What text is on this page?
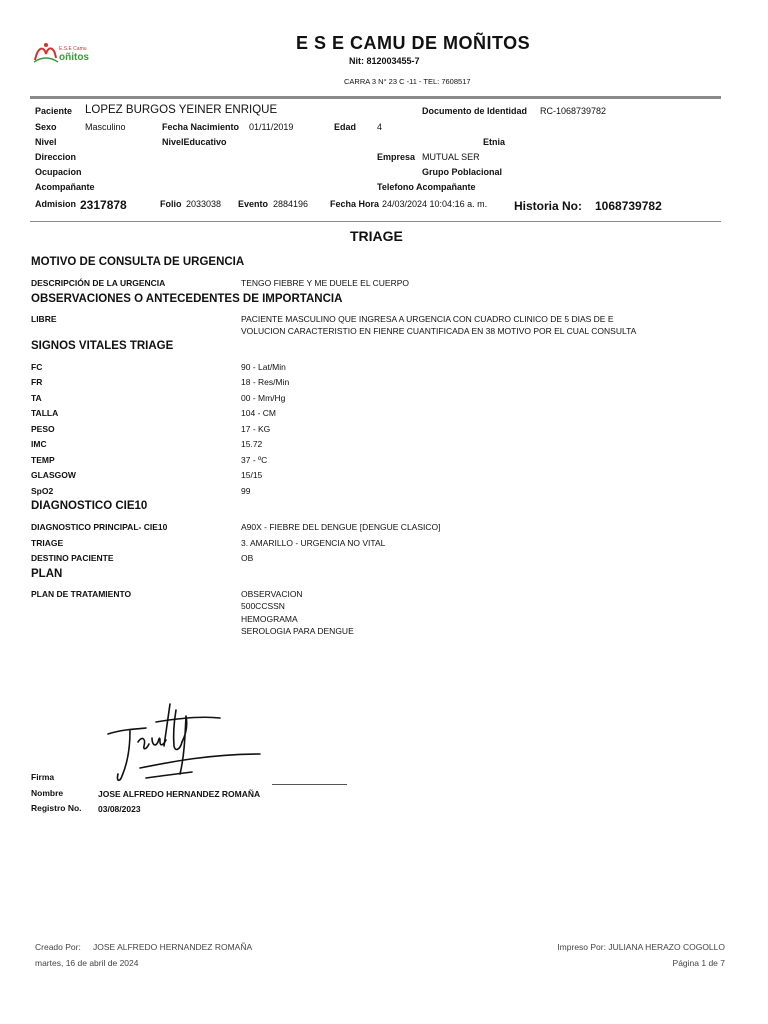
E.S.E Camu
oñitos
E S E CAMU DE MOÑITOS
Nit: 812003455-7
CARRA 3 N° 23 C -11 - TEL: 7608517
Paciente LOPEZ BURGOS YEINER ENRIQUE	Documento de Identidad RC-1068739782
Sexo	Masculino	Fecha Nacimiento 01/11/2019	Edad 4
Nivel	NivelEducativo	Etnia
Direccion	Empresa MUTUAL SER
Ocupacion	Grupo Poblacional
Acompañante	Telefono Acompañante
Admision 2317878	Folio 2033038 Evento 2884196 Fecha Hora 24/03/2024 10:04:16 a. m. Historia No: 1068739782
TRIAGE
MOTIVO DE CONSULTA DE URGENCIA
DESCRIPCIÓN DE LA URGENCIA	TENGO FIEBRE Y ME DUELE EL CUERPO
OBSERVACIONES O ANTECEDENTES DE IMPORTANCIA
LIBRE	PACIENTE MASCULINO QUE INGRESA A URGENCIA CON CUADRO CLINICO DE 5 DIAS DE E
VOLUCION CARACTERISTIO EN FIENRE CUANTIFICADA EN 38 MOTIVO POR EL CUAL CONSULTA
SIGNOS VITALES TRIAGE
FC	90 - Lat/Min
FR	18 - Res/Min
TA	00 - Mm/Hg
TALLA	104 - CM
PESO	17 - KG
IMC	15.72
TEMP	37 - ºC
GLASGOW	15/15
SpO2	99
DIAGNOSTICO CIE10
DIAGNOSTICO PRINCIPAL- CIE10	A90X - FIEBRE DEL DENGUE [DENGUE CLASICO]
TRIAGE	3. AMARILLO - URGENCIA NO VITAL
DESTINO PACIENTE	OB
PLAN
PLAN DE TRATAMIENTO	OBSERVACION
500CCSSN
HEMOGRAMA
SEROLOGIA PARA DENGUE
Firma
Nombre	JOSE ALFREDO HERNANDEZ ROMAÑA
Registro No. 03/08/2023
Creado Por: JOSE ALFREDO HERNANDEZ ROMAÑA
martes, 16 de abril de 2024
Impreso Por: JULIANA HERAZO COGOLLO
Página 1 de 7
